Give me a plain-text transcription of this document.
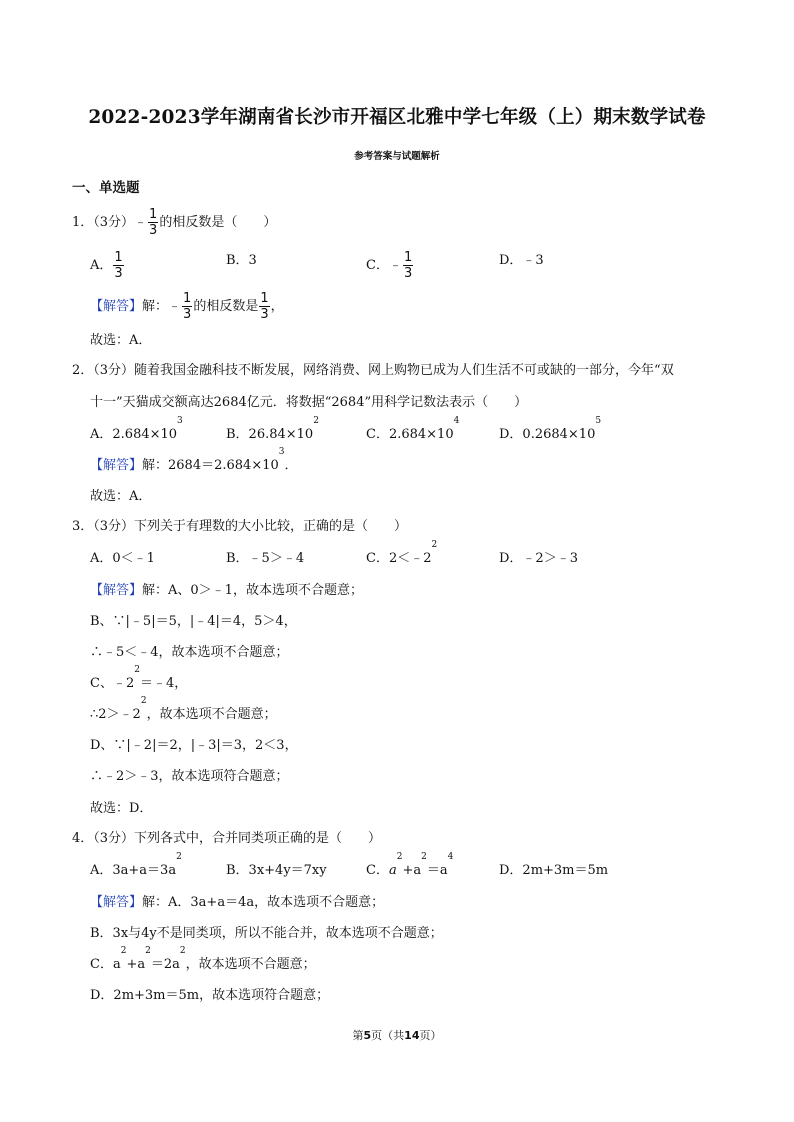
2022-2023学年湖南省长沙市开福区北雅中学七年级（上）期末数学试卷
参考答案与试题解析
一、单选题
1．（3分）﹣ $\frac{1}{3}$ 的相反数是（　　）
A． $\frac{1}{3}$	B．3	C．﹣ $\frac{1}{3}$	D．﹣3
【解答】解：﹣ $\frac{1}{3}$ 的相反数是 $\frac{1}{3}$ ，
故选：A．
2．（3分）随着我国金融科技不断发展，网络消费、网上购物已成为人们生活不可或缺的一部分，今年“双
十一”天猫成交额高达2684亿元．将数据“2684”用科学记数法表示（　　）
A．$2.684\times 10^3$
B．$26.84\times 10^2$
C．$2.684\times 10^4$
D．$0.2684\times 10^5$
【解答】解：$2684=2.684\times 10^3$．
故选：A．
3．（3分）下列关于有理数的大小比较，正确的是（　　）
A．0＜﹣1	B．﹣5＞﹣4	C．$2<﹣2^2$
D．﹣2＞﹣3
【解答】解：A、0＞﹣1，故本选项不合题意；
B、∵|﹣5|＝5，|﹣4|＝4，5＞4，
∴﹣5＜﹣4，故本选项不合题意；
C、$﹣2^2=﹣4$，
$\therefore 2>﹣2^2$，故本选项不合题意；
D、∵|﹣2|＝2，|﹣3|＝3，2＜3，
∴﹣2＞﹣3，故本选项符合题意；
故选：D．
4．（3分）下列各式中，合并同类项正确的是（　　）
A．$3a+a=3a^2$
B．3x+4y＝7xy	C．$a^2+a^2=a^4$
D．2m+3m＝5m
【解答】解：A．3a+a＝4a，故本选项不合题意；
B．3x与4y不是同类项，所以不能合并，故本选项不合题意；
C．$a^2+a^2=2a^2$，故本选项不合题意；
D．2m+3m＝5m，故本选项符合题意；
第5页（共14页）
